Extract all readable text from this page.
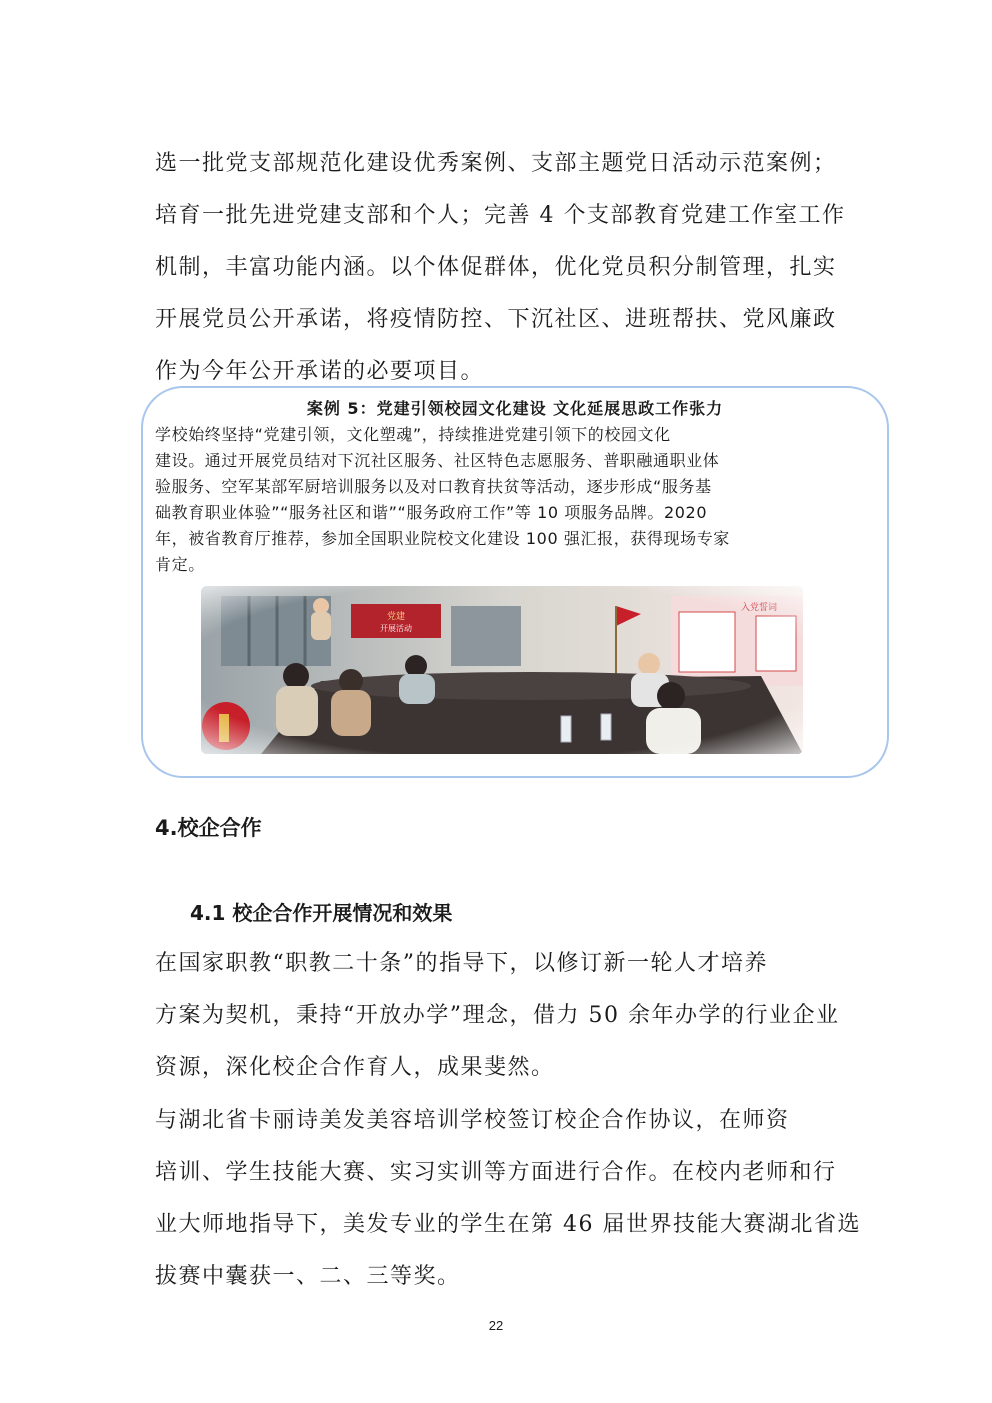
选一批党支部规范化建设优秀案例、支部主题党日活动示范案例；
培育一批先进党建支部和个人；完善 4 个支部教育党建工作室工作
机制，丰富功能内涵。以个体促群体，优化党员积分制管理，扎实
开展党员公开承诺，将疫情防控、下沉社区、进班帮扶、党风廉政
作为今年公开承诺的必要项目。
案例 5：党建引领校园文化建设 文化延展思政工作张力
学校始终坚持“党建引领，文化塑魂”，持续推进党建引领下的校园文化
建设。通过开展党员结对下沉社区服务、社区特色志愿服务、普职融通职业体
验服务、空军某部军厨培训服务以及对口教育扶贫等活动，逐步形成“服务基
础教育职业体验”“服务社区和谐”“服务政府工作”等 10 项服务品牌。2020
年，被省教育厅推荐，参加全国职业院校文化建设 100 强汇报，获得现场专家
肯定。
4.校企合作
4.1 校企合作开展情况和效果
在国家职教“职教二十条”的指导下，以修订新一轮人才培养
方案为契机，秉持“开放办学”理念，借力 50 余年办学的行业企业
资源，深化校企合作育人，成果斐然。
与湖北省卡丽诗美发美容培训学校签订校企合作协议，在师资
培训、学生技能大赛、实习实训等方面进行合作。在校内老师和行
业大师地指导下，美发专业的学生在第 46 届世界技能大赛湖北省选
拔赛中囊获一、二、三等奖。
22
